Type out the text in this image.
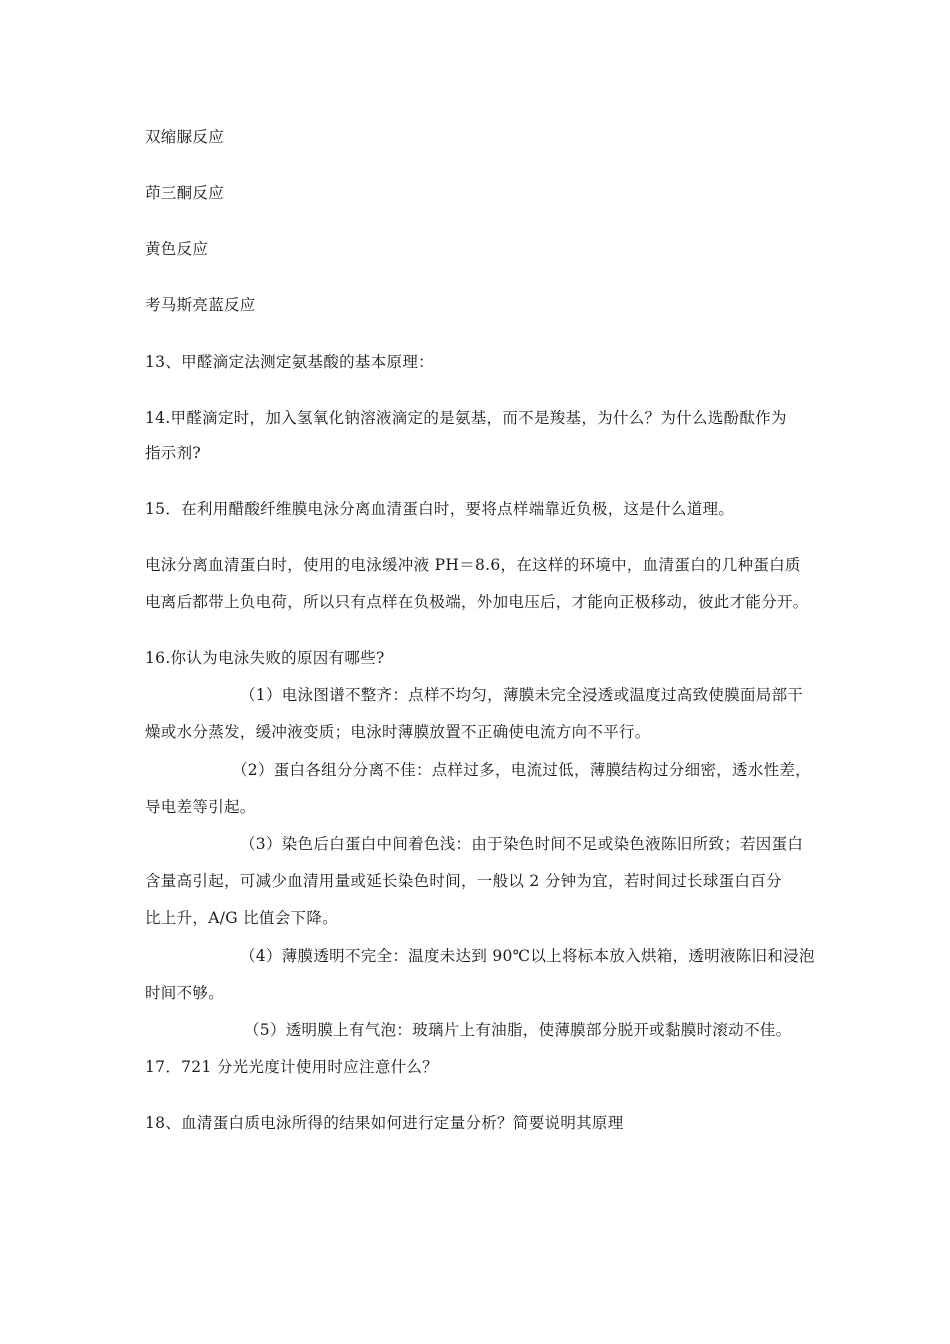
双缩脲反应
茚三酮反应
黄色反应
考马斯亮蓝反应
13、甲醛滴定法测定氨基酸的基本原理：
14.甲醛滴定时，加入氢氧化钠溶液滴定的是氨基，而不是羧基，为什么？为什么选酚酞作为
指示剂?
15．在利用醋酸纤维膜电泳分离血清蛋白时，要将点样端靠近负极，这是什么道理。
电泳分离血清蛋白时，使用的电泳缓冲液 PH＝8.6，在这样的环境中，血清蛋白的几种蛋白质
电离后都带上负电荷，所以只有点样在负极端，外加电压后，才能向正极移动，彼此才能分开。
16.你认为电泳失败的原因有哪些?
（1）电泳图谱不整齐：点样不均匀，薄膜未完全浸透或温度过高致使膜面局部干
燥或水分蒸发，缓冲液变质；电泳时薄膜放置不正确使电流方向不平行。
（2）蛋白各组分分离不佳：点样过多，电流过低，薄膜结构过分细密，透水性差，
导电差等引起。
（3）染色后白蛋白中间着色浅：由于染色时间不足或染色液陈旧所致；若因蛋白
含量高引起，可减少血清用量或延长染色时间，一般以 2 分钟为宜，若时间过长球蛋白百分
比上升，A/G 比值会下降。
（4）薄膜透明不完全：温度未达到 90℃以上将标本放入烘箱，透明液陈旧和浸泡
时间不够。
（5）透明膜上有气泡：玻璃片上有油脂，使薄膜部分脱开或黏膜时滚动不佳。
17．721 分光光度计使用时应注意什么？
18、血清蛋白质电泳所得的结果如何进行定量分析？简要说明其原理
